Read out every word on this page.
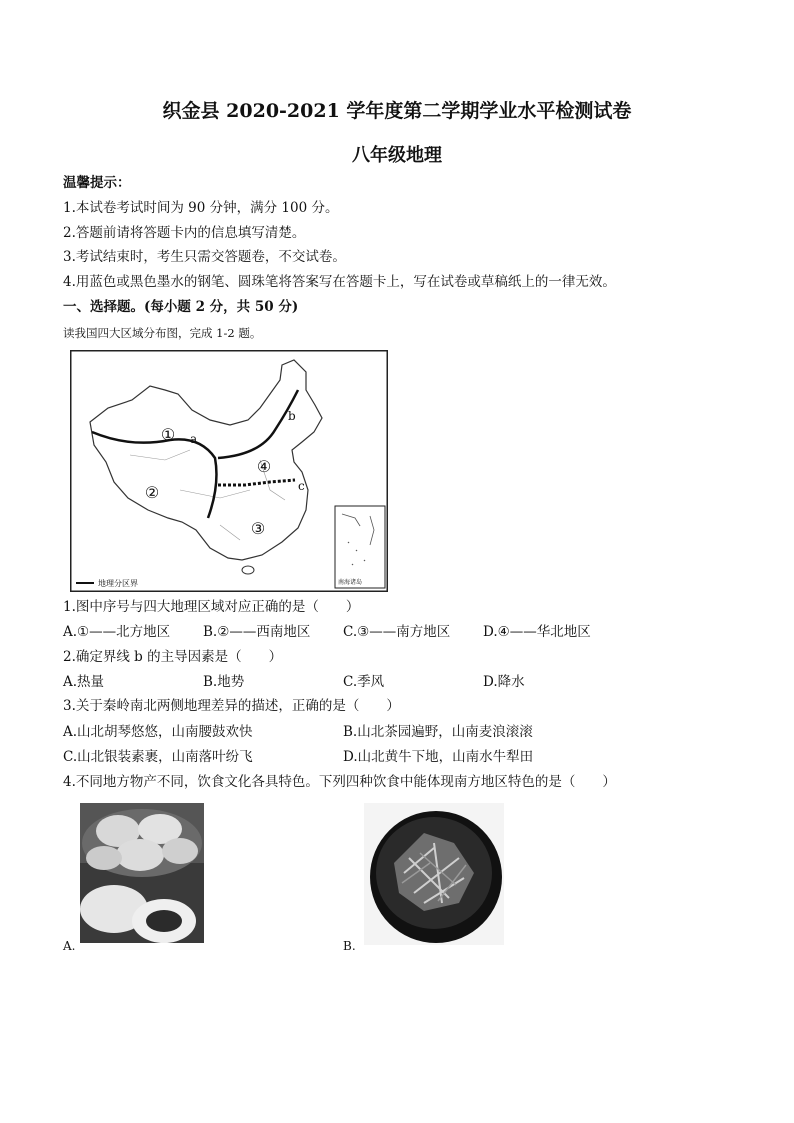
织金县 2020-2021 学年度第二学期学业水平检测试卷
八年级地理
温馨提示：
1.本试卷考试时间为 90 分钟，满分 100 分。
2.答题前请将答题卡内的信息填写清楚。
3.考试结束时，考生只需交答题卷，不交试卷。
4.用蓝色或黑色墨水的钢笔、圆珠笔将答案写在答题卡上，写在试卷或草稿纸上的一律无效。
一、选择题。(每小题 2 分，共 50 分)
读我国四大区域分布图，完成 1-2 题。
①
②
③
④
a
b
c
地理分区界
·
南海诸岛
1.图中序号与四大地理区域对应正确的是（　　）
A.①——北方地区 B.②——西南地区 C.③——南方地区 D.④——华北地区
2.确定界线 b 的主导因素是（　　）
A.热量	B.地势	C.季风	D.降水
3.关于秦岭南北两侧地理差异的描述，正确的是（　　）
A.山北胡琴悠悠，山南腰鼓欢快	B.山北茶园遍野，山南麦浪滚滚
C.山北银装素裹，山南落叶纷飞	D.山北黄牛下地，山南水牛犁田
4.不同地方物产不同，饮食文化各具特色。下列四种饮食中能体现南方地区特色的是（　　）
A.	B.
